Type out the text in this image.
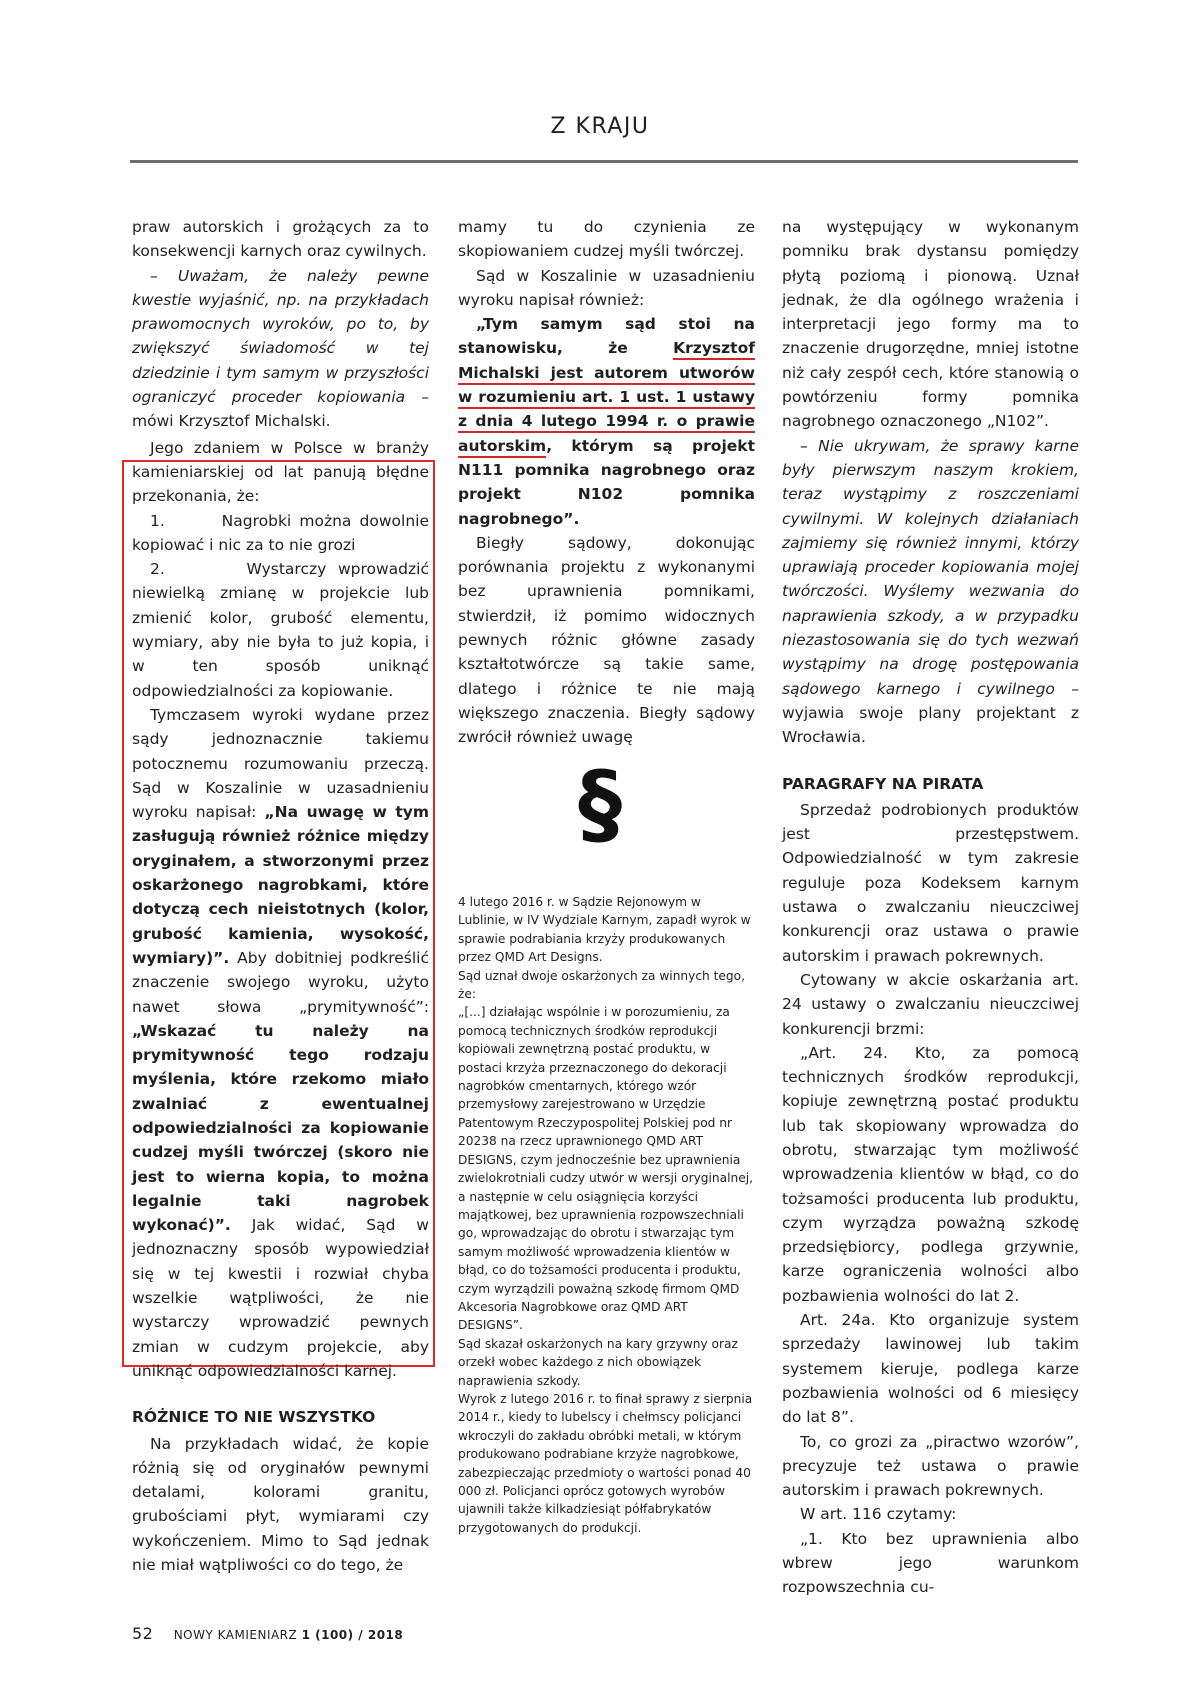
Z KRAJU

praw autorskich i grożących za to konsekwencji karnych oraz cywilnych.

– Uważam, że należy pewne kwestie wyjaśnić, np. na przykładach prawomocnych wyroków, po to, by zwiększyć świadomość w tej dziedzinie i tym samym w przyszłości ograniczyć proceder kopiowania – mówi Krzysztof Michalski.

Jego zdaniem w Polsce w branży kamieniarskiej od lat panują błędne przekonania, że:

1.       Nagrobki można dowolnie kopiować i nic za to nie grozi

2.       Wystarczy wprowadzić niewielką zmianę w projekcie lub zmienić kolor, grubość elementu, wymiary, aby nie była to już kopia, i w ten sposób uniknąć odpowiedzialności za kopiowanie.

Tymczasem wyroki wydane przez sądy jednoznacznie takiemu potocznemu rozumowaniu przeczą. Sąd w Koszalinie w uzasadnieniu wyroku napisał: „Na uwagę w tym zasługują również różnice między oryginałem, a stworzonymi przez oskarżonego nagrobkami, które dotyczą cech nieistotnych (kolor, grubość kamienia, wysokość, wymiary)”. Aby dobitniej podkreślić znaczenie swojego wyroku, użyto nawet słowa „prymitywność”: „Wskazać tu należy na prymitywność tego rodzaju myślenia, które rzekomo miało zwalniać z ewentualnej odpowiedzialności za kopiowanie cudzej myśli twórczej (skoro nie jest to wierna kopia, to można legalnie taki nagrobek wykonać)”. Jak widać, Sąd w jednoznaczny sposób wypowiedział się w tej kwestii i rozwiał chyba wszelkie wątpliwości, że nie wystarczy wprowadzić pewnych zmian w cudzym projekcie, aby uniknąć odpowiedzialności karnej.

RÓŻNICE TO NIE WSZYSTKO

Na przykładach widać, że kopie różnią się od oryginałów pewnymi detalami, kolorami granitu, grubościami płyt, wymiarami czy wykończeniem. Mimo to Sąd jednak nie miał wątpliwości co do tego, że

mamy tu do czynienia ze skopiowaniem cudzej myśli twórczej.

Sąd w Koszalinie w uzasadnieniu wyroku napisał również:

„Tym samym sąd stoi na stanowisku, że Krzysztof Michalski jest autorem utworów w rozumieniu art. 1 ust. 1 ustawy z dnia 4 lutego 1994 r. o prawie autorskim, którym są projekt N111 pomnika nagrobnego oraz projekt N102 pomnika nagrobnego”.

Biegły sądowy, dokonując porównania projektu z wykonanymi bez uprawnienia pomnikami, stwierdził, iż pomimo widocznych pewnych różnic główne zasady kształtotwórcze są takie same, dlatego i różnice te nie mają większego znaczenia. Biegły sądowy zwrócił również uwagę

§

4 lutego 2016 r. w Sądzie Rejonowym w Lublinie, w IV Wydziale Karnym, zapadł wyrok w sprawie podrabiania krzyży produkowanych przez QMD Art Designs.

Sąd uznał dwoje oskarżonych za winnych tego, że:

„[...] działając wspólnie i w porozumieniu, za pomocą technicznych środków reprodukcji kopiowali zewnętrzną postać produktu, w postaci krzyża przeznaczonego do dekoracji nagrobków cmentarnych, którego wzór przemysłowy zarejestrowano w Urzędzie Patentowym Rzeczypospolitej Polskiej pod nr 20238 na rzecz uprawnionego QMD ART DESIGNS, czym jednocześnie bez uprawnienia zwielokrotniali cudzy utwór w wersji oryginalnej, a następnie w celu osiągnięcia korzyści majątkowej, bez uprawnienia rozpowszechniali go, wprowadzając do obrotu i stwarzając tym samym możliwość wprowadzenia klientów w błąd, co do tożsamości producenta i produktu, czym wyrządzili poważną szkodę firmom QMD Akcesoria Nagrobkowe oraz QMD ART DESIGNS”.

Sąd skazał oskarżonych na kary grzywny oraz orzekł wobec każdego z nich obowiązek naprawienia szkody.

Wyrok z lutego 2016 r. to finał sprawy z sierpnia 2014 r., kiedy to lubelscy i chełmscy policjanci wkroczyli do zakładu obróbki metali, w którym produkowano podrabiane krzyże nagrobkowe, zabezpieczając przedmioty o wartości ponad 40 000 zł. Policjanci oprócz gotowych wyrobów ujawnili także kilkadziesiąt półfabrykatów przygotowanych do produkcji.

na występujący w wykonanym pomniku brak dystansu pomiędzy płytą poziomą i pionową. Uznał jednak, że dla ogólnego wrażenia i interpretacji jego formy ma to znaczenie drugorzędne, mniej istotne niż cały zespół cech, które stanowią o powtórzeniu formy pomnika nagrobnego oznaczonego „N102”.

– Nie ukrywam, że sprawy karne były pierwszym naszym krokiem, teraz wystąpimy z roszczeniami cywilnymi. W kolejnych działaniach zajmiemy się również innymi, którzy uprawiają proceder kopiowania mojej twórczości. Wyślemy wezwania do naprawienia szkody, a w przypadku niezastosowania się do tych wezwań wystąpimy na drogę postępowania sądowego karnego i cywilnego – wyjawia swoje plany projektant z Wrocławia.

PARAGRAFY NA PIRATA

Sprzedaż podrobionych produktów jest przestępstwem. Odpowiedzialność w tym zakresie reguluje poza Kodeksem karnym ustawa o zwalczaniu nieuczciwej konkurencji oraz ustawa o prawie autorskim i prawach pokrewnych.

Cytowany w akcie oskarżania art. 24 ustawy o zwalczaniu nieuczciwej konkurencji brzmi:

„Art. 24. Kto, za pomocą technicznych środków reprodukcji, kopiuje zewnętrzną postać produktu lub tak skopiowany wprowadza do obrotu, stwarzając tym możliwość wprowadzenia klientów w błąd, co do tożsamości producenta lub produktu, czym wyrządza poważną szkodę przedsiębiorcy, podlega grzywnie, karze ograniczenia wolności albo pozbawienia wolności do lat 2.

Art. 24a. Kto organizuje system sprzedaży lawinowej lub takim systemem kieruje, podlega karze pozbawienia wolności od 6 miesięcy do lat 8”.

To, co grozi za „piractwo wzorów”, precyzuje też ustawa o prawie autorskim i prawach pokrewnych.

W art. 116 czytamy:

„1. Kto bez uprawnienia albo wbrew jego warunkom rozpowszechnia cu-

52 NOWY KAMIENIARZ 1 (100) / 2018
